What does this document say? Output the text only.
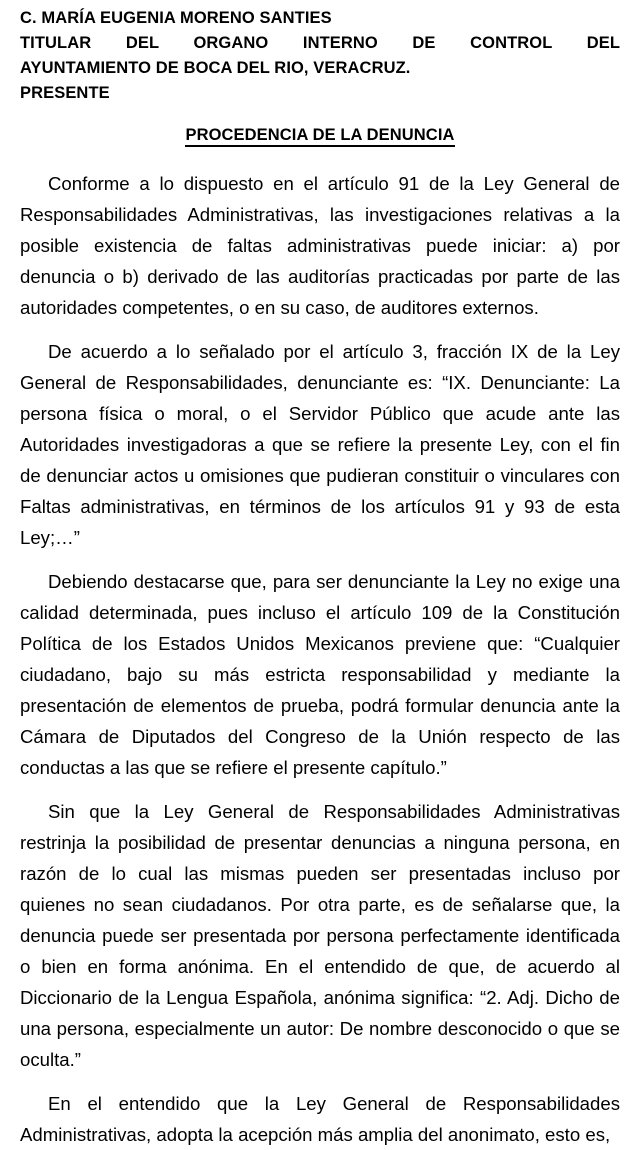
C. MARÍA EUGENIA MORENO SANTIES
TITULAR DEL ORGANO INTERNO DE CONTROL DEL
AYUNTAMIENTO DE BOCA DEL RIO, VERACRUZ.
PRESENTE
PROCEDENCIA DE LA DENUNCIA

Conforme a lo dispuesto en el artículo 91 de la Ley General de Responsabilidades Administrativas, las investigaciones relativas a la posible existencia de faltas administrativas puede iniciar: a) por denuncia o b) derivado de las auditorías practicadas por parte de las autoridades competentes, o en su caso, de auditores externos.

De acuerdo a lo señalado por el artículo 3, fracción IX de la Ley General de Responsabilidades, denunciante es: “IX. Denunciante: La persona física o moral, o el Servidor Público que acude ante las Autoridades investigadoras a que se refiere la presente Ley, con el fin de denunciar actos u omisiones que pudieran constituir o vinculares con Faltas administrativas, en términos de los artículos 91 y 93 de esta Ley;…”

Debiendo destacarse que, para ser denunciante la Ley no exige una calidad determinada, pues incluso el artículo 109 de la Constitución Política de los Estados Unidos Mexicanos previene que: “Cualquier ciudadano, bajo su más estricta responsabilidad y mediante la presentación de elementos de prueba, podrá formular denuncia ante la Cámara de Diputados del Congreso de la Unión respecto de las conductas a las que se refiere el presente capítulo.”

Sin que la Ley General de Responsabilidades Administrativas restrinja la posibilidad de presentar denuncias a ninguna persona, en razón de lo cual las mismas pueden ser presentadas incluso por quienes no sean ciudadanos. Por otra parte, es de señalarse que, la denuncia puede ser presentada por persona perfectamente identificada o bien en forma anónima. En el entendido de que, de acuerdo al Diccionario de la Lengua Española, anónima significa: “2. Adj. Dicho de una persona, especialmente un autor: De nombre desconocido o que se oculta.”

En el entendido que la Ley General de Responsabilidades Administrativas, adopta la acepción más amplia del anonimato, esto es,
